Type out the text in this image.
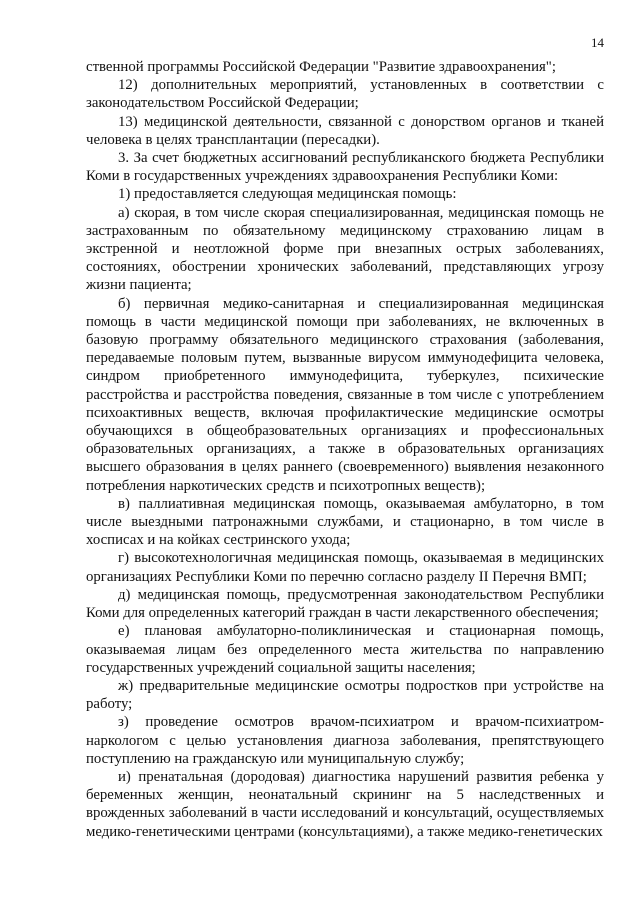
14

ственной программы Российской Федерации "Развитие здравоохранения";

12) дополнительных мероприятий, установленных в соответствии с законодательством Российской Федерации;

13) медицинской деятельности, связанной с донорством органов и тканей человека в целях трансплантации (пересадки).

3. За счет бюджетных ассигнований республиканского бюджета Республики Коми в государственных учреждениях здравоохранения Республики Коми:

1) предоставляется следующая медицинская помощь:

а) скорая, в том числе скорая специализированная, медицинская помощь не застрахованным по обязательному медицинскому страхованию лицам в экстренной и неотложной форме при внезапных острых заболеваниях, состояниях, обострении хронических заболеваний, представляющих угрозу жизни пациента;

б) первичная медико-санитарная и специализированная медицинская помощь в части медицинской помощи при заболеваниях, не включенных в базовую программу обязательного медицинского страхования (заболевания, передаваемые половым путем, вызванные вирусом иммунодефицита человека, синдром приобретенного иммунодефицита, туберкулез, психические расстройства и расстройства поведения, связанные в том числе с употреблением психоактивных веществ, включая профилактические медицинские осмотры обучающихся в общеобразовательных организациях и профессиональных образовательных организациях, а также в образовательных организациях высшего образования в целях раннего (своевременного) выявления незаконного потребления наркотических средств и психотропных веществ);

в) паллиативная медицинская помощь, оказываемая амбулаторно, в том числе выездными патронажными службами, и стационарно, в том числе в хосписах и на койках сестринского ухода;

г) высокотехнологичная медицинская помощь, оказываемая в медицинских организациях Республики Коми по перечню согласно разделу II Перечня ВМП;

д) медицинская помощь, предусмотренная законодательством Республики Коми для определенных категорий граждан в части лекарственного обеспечения;

е) плановая амбулаторно-поликлиническая и стационарная помощь, оказываемая лицам без определенного места жительства по направлению государственных учреждений социальной защиты населения;

ж) предварительные медицинские осмотры подростков при устройстве на работу;

з) проведение осмотров врачом-психиатром и врачом-психиатром-наркологом с целью установления диагноза заболевания, препятствующего поступлению на гражданскую или муниципальную службу;

и) пренатальная (дородовая) диагностика нарушений развития ребенка у беременных женщин, неонатальный скрининг на 5 наследственных и врожденных заболеваний в части исследований и консультаций, осуществляемых медико-генетическими центрами (консультациями), а также медико-генетических
